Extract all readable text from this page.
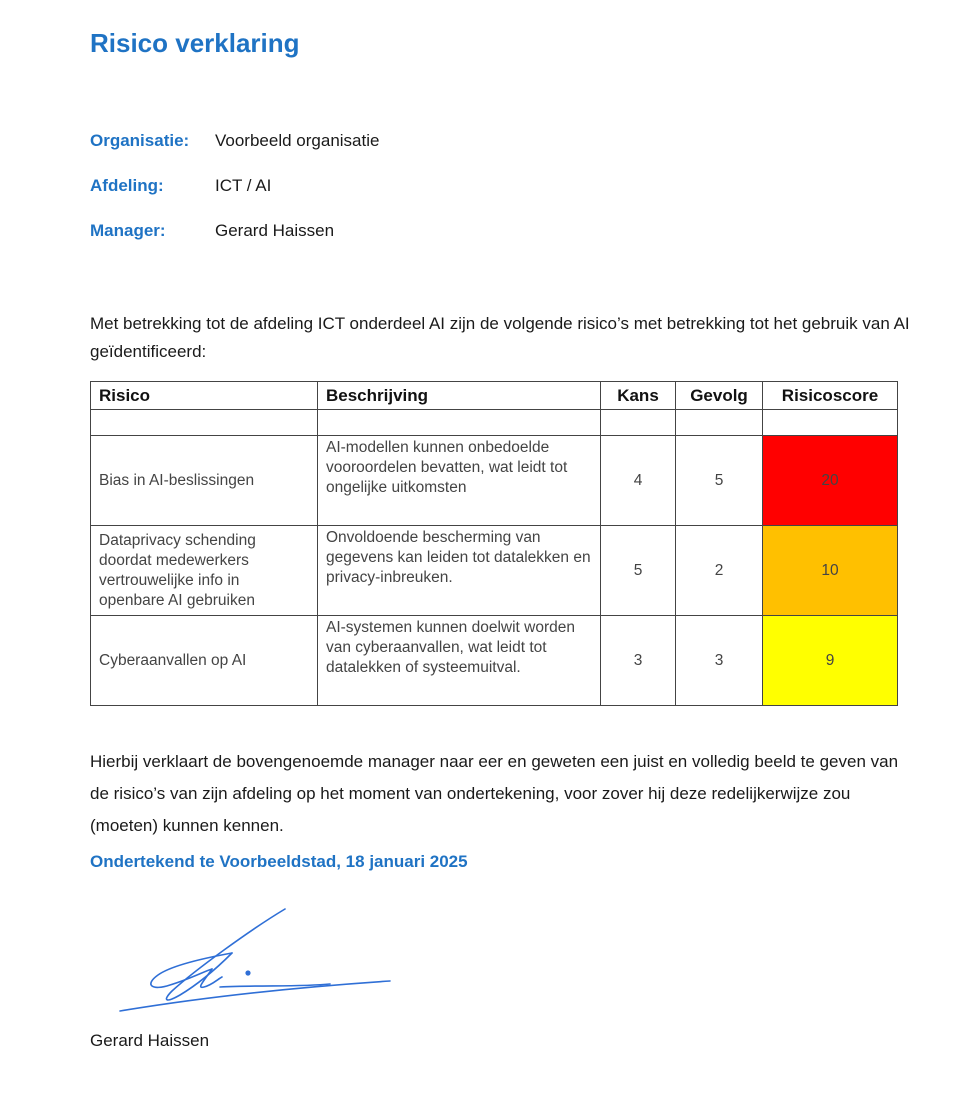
Risico verklaring
Organisatie: Voorbeeld organisatie
Afdeling:	ICT / AI
Manager:	Gerard Haissen

Met betrekking tot de afdeling ICT onderdeel AI zijn de volgende risico’s met betrekking tot het gebruik van AI geïdentificeerd:

Risico	Beschrijving	Kans	Gevolg	Risicoscore

Bias in AI-beslissingen	AI-modellen kunnen onbedoelde vooroordelen bevatten, wat leidt tot ongelijke uitkomsten	4	5	20
Dataprivacy schending doordat medewerkers vertrouwelijke info in openbare AI gebruiken	Onvoldoende bescherming van gegevens kan leiden tot datalekken en privacy-inbreuken.	5	2	10
Cyberaanvallen op AI	AI-systemen kunnen doelwit worden van cyberaanvallen, wat leidt tot datalekken of systeemuitval.	3	3	9

Hierbij verklaart de bovengenoemde manager naar eer en geweten een juist en volledig beeld te geven van de risico’s van zijn afdeling op het moment van ondertekening, voor zover hij deze redelijkerwijze zou (moeten) kunnen kennen.

Ondertekend te Voorbeeldstad, 18 januari 2025

Gerard Haissen
